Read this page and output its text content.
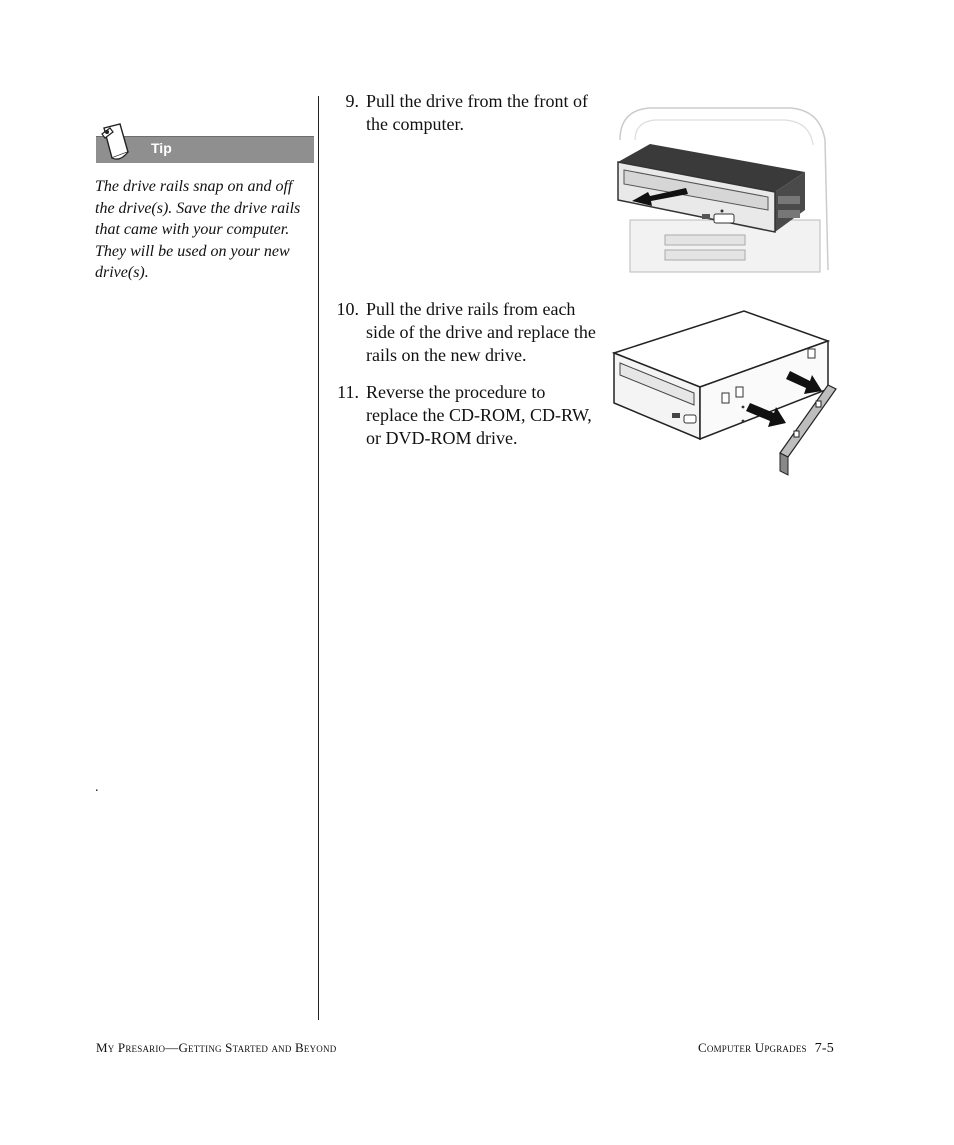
Tip
The drive rails snap on and off the drive(s). Save the drive rails that came with your computer. They will be used on your new drive(s).
.
9. Pull the drive from the front of the computer.
10. Pull the drive rails from each side of the drive and replace the rails on the new drive.
11. Reverse the procedure to replace the CD-ROM, CD-RW, or DVD-ROM drive.
My Presario—Getting Started and Beyond	Computer Upgrades 7-5
